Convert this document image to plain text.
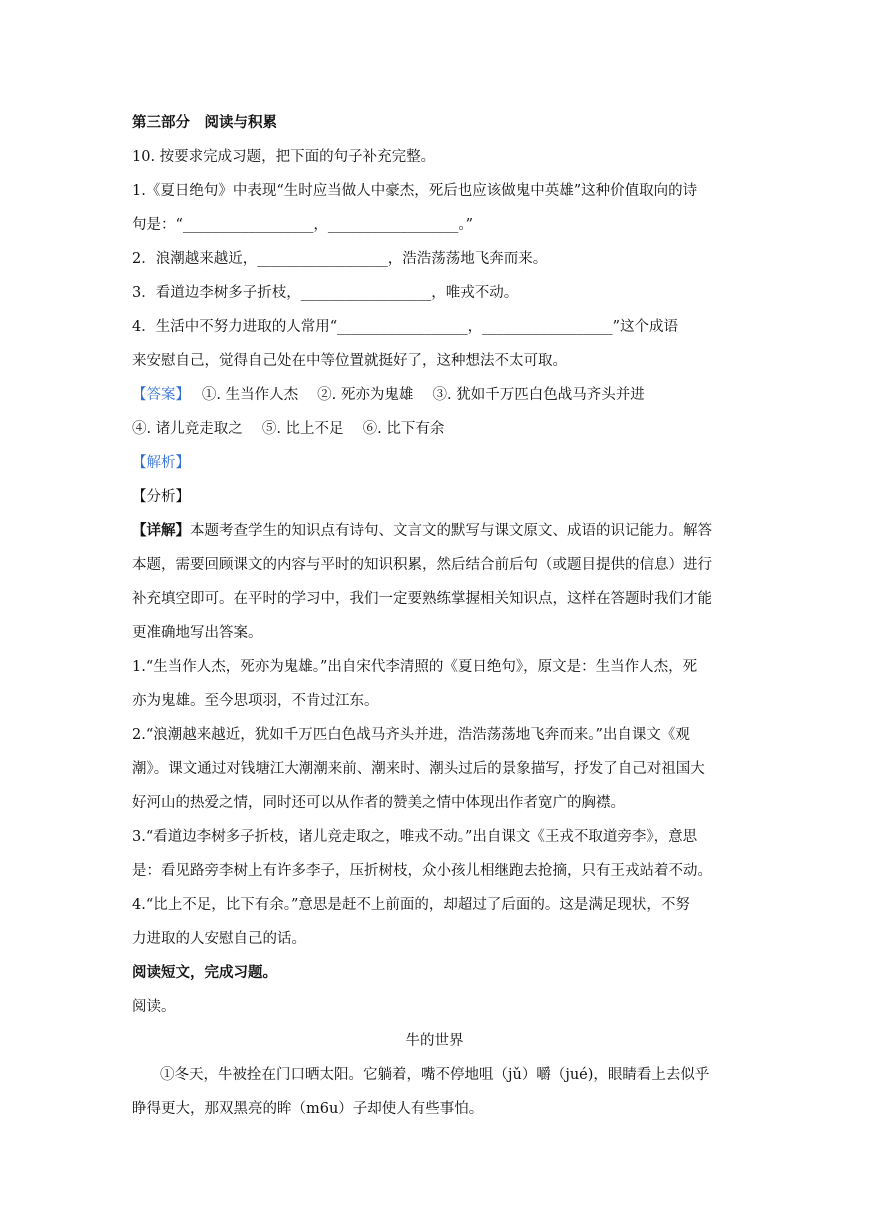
第三部分　阅读与积累
10. 按要求完成习题，把下面的句子补充完整。
1.《夏日绝句》中表现“生时应当做人中豪杰，死后也应该做鬼中英雄”这种价值取向的诗
句是：“__________________，__________________。”
2．浪潮越来越近，__________________，浩浩荡荡地飞奔而来。
3．看道边李树多子折枝，__________________，唯戎不动。
4．生活中不努力进取的人常用“__________________，__________________”这个成语
来安慰自己，觉得自己处在中等位置就挺好了，这种想法不太可取。
【答案】　 ①. 生当作人杰　 ②. 死亦为鬼雄　 ③. 犹如千万匹白色战马齐头并进
④. 诸儿竞走取之　 ⑤. 比上不足　 ⑥. 比下有余
【解析】
【分析】
【详解】本题考查学生的知识点有诗句、文言文的默写与课文原文、成语的识记能力。解答
本题，需要回顾课文的内容与平时的知识积累，然后结合前后句（或题目提供的信息）进行
补充填空即可。在平时的学习中，我们一定要熟练掌握相关知识点，这样在答题时我们才能
更准确地写出答案。
1.“生当作人杰，死亦为鬼雄。”出自宋代李清照的《夏日绝句》，原文是：生当作人杰，死
亦为鬼雄。至今思项羽，不肯过江东。
2.“浪潮越来越近，犹如千万匹白色战马齐头并进，浩浩荡荡地飞奔而来。”出自课文《观
潮》。课文通过对钱塘江大潮潮来前、潮来时、潮头过后的景象描写，抒发了自己对祖国大
好河山的热爱之情，同时还可以从作者的赞美之情中体现出作者宽广的胸襟。
3.“看道边李树多子折枝，诸儿竞走取之，唯戎不动。”出自课文《王戎不取道旁李》，意思
是：看见路旁李树上有许多李子，压折树枝，众小孩儿相继跑去抢摘，只有王戎站着不动。
4.“比上不足，比下有余。”意思是赶不上前面的，却超过了后面的。这是满足现状，不努
力进取的人安慰自己的话。
阅读短文，完成习题。
阅读。
牛的世界
①冬天，牛被拴在门口晒太阳。它躺着，嘴不停地咀（jǔ）嚼（jué)，眼睛看上去似乎
睁得更大，那双黑亮的眸（m6u）子却使人有些事怕。
